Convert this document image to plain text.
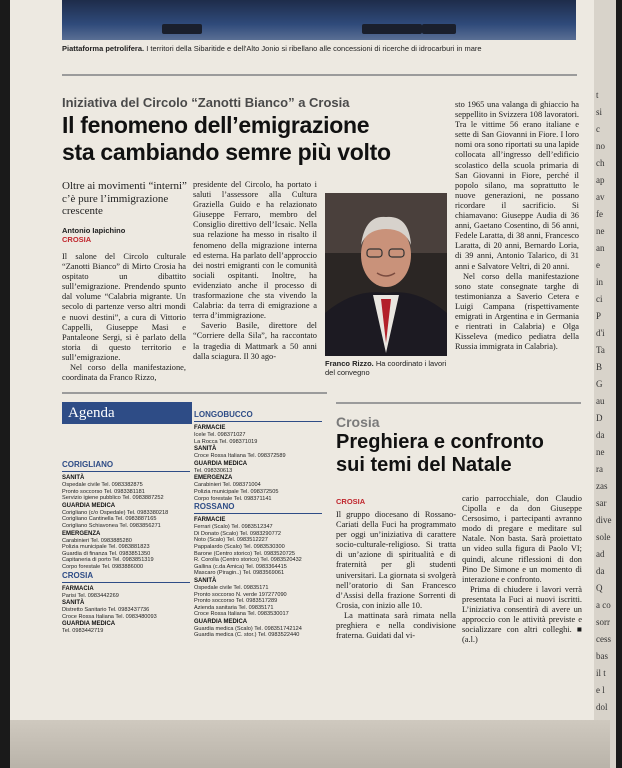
t
si
c
no
ch
ap
av
fe
ne
an
e
in
ci
P
d'i
Ta
B
G
au
D
da
ne
ra
zas
sar
dive
sole
ad
da
Q
a co
sorr
cess
bas
il t
e l
dol
Piattaforma petrolifera. I territori della Sibaritide e dell'Alto Jonio si ribellano alle concessioni di ricerche di idrocarburi in mare
Iniziativa del Circolo “Zanotti Bianco” a Crosia
Il fenomeno dell’emigrazione
sta cambiando semre più volto
Oltre ai movimenti “interni” c’è pure l’immigrazione crescente
Antonio Iapichino
CROSIA

Il salone del Circolo culturale “Zanotti Bianco” di Mirto Crosia ha ospitato un dibattito sull’emigrazione. Prendendo spunto dal volume “Calabria migrante. Un secolo di partenze verso altri mondi e nuovi destini”, a cura di Vittorio Cappelli, Giuseppe Masi e Pantaleone Sergi, si è parlato della storia di questo territorio e sull’emigrazione.

Nel corso della manifestazione, coordinata da Franco Rizzo,

presidente del Circolo, ha portato i saluti l’assessore alla Cultura Graziella Guido e ha relazionato Giuseppe Ferraro, membro del Consiglio direttivo dell’Icsaic. Nella sua relazione ha messo in risalto il fenomeno della migrazione interna ed esterna. Ha parlato dell’approccio dei nostri emigranti con le comunità sociali ospitanti. Inoltre, ha evidenziato anche il processo di trasformazione che sta vivendo la Calabria: da terra di emigrazione a terra d’immigrazione.

Saverio Basile, direttore del “Corriere della Sila”, ha raccontato la tragedia di Mattmark a 50 anni dalla sciagura. Il 30 ago-

sto 1965 una valanga di ghiaccio ha seppellito in Svizzera 108 lavoratori. Tra le vittime 56 erano italiane e sette di San Giovanni in Fiore. I loro nomi ora sono riportati su una lapide collocata all’ingresso dell’edificio scolastico della scuola primaria di San Giovanni in Fiore, perché il popolo silano, ma soprattutto le nuove generazioni, ne possano ricordare il sacrificio. Si chiamavano: Giuseppe Audia di 36 anni, Gaetano Cosentino, di 56 anni, Fedele Laratta, di 38 anni, Francesco Laratta, di 20 anni, Bernardo Loria, di 39 anni, Antonio Talarico, di 31 anni e Salvatore Veltri, di 20 anni.

Nel corso della manifestazione sono state consegnate targhe di testimonianza a Saverio Cetera e Luigi Campana (rispettivamente emigrati in Argentina e in Germania e rientrati in Calabria) e Olga Kisseleva (medico pediatra della Russia immigrata in Calabria).

Franco Rizzo. Ha coordinato i lavori del convegno
Agenda
CORIGLIANO
SANITÀ
Ospedale civile Tel. 0983382875
Pronto soccorso Tel. 0983381181
Servizio igiene pubblico Tel. 0983887252
GUARDIA MEDICA
Corigliano (c/o Ospedale) Tel. 0983380218
Corigliano Cantinella Tel. 0983887165
Corigliano Schiavonea Tel. 0983856271
EMERGENZA
Carabinieri Tel. 0983885280
Polizia municipale Tel. 0983881823
Guardia di finanza Tel. 0983851350
Capitaneria di porto Tel. 0983851319
Corpo forestale Tel. 0983886000
CROSIA
FARMACIA
Parisi Tel. 0983442269
SANITÀ
Distretto Sanitario Tel. 0983437736
Croce Rossa Italiana Tel. 0983480093
GUARDIA MEDICA
Tel. 0983442719
LONGOBUCCO
FARMACIE
Icele Tel. 098371027
La Rocca Tel. 098371019
SANITÀ
Croce Rossa Italiana Tel. 098372589
GUARDIA MEDICA
Tel. 098330613
EMERGENZA
Carabinieri Tel. 098371004
Polizia municipale Tel. 098372505
Corpo forestale Tel. 098371141
ROSSANO
FARMACIE
Ferrari (Scalo) Tel. 0983512347
Di Donato (Scalo) Tel. 0983290772
Noto (Scalo) Tel. 0983512227
Pappalardo (Scalo) Tel. 0983530300
Barone (Centro storico) Tel. 0983520725
R. Corolla (Centro storico) Tel. 0983520432
Gallina (c.da Amica) Tel. 0983364415
Mascaro (Piragin..) Tel. 0983569061
SANITÀ
Ospedale civile Tel. 09835171
Pronto soccorso N. verde 197277090
Pronto soccorso Tel. 0983517289
Azienda sanitaria Tel. 09835171
Croce Rossa Italiana Tel. 0983530017
GUARDIA MEDICA
Guardia medica (Scalo) Tel. 098351742124
Guardia medica (C. stor.) Tel. 0983522440
Crosia
Preghiera e confronto
sui temi del Natale
CROSIA

Il gruppo diocesano di Rossano-Cariati della Fuci ha programmato per oggi un’iniziativa di carattere socio-culturale-religioso. Si tratta di un’azione di spiritualità e di fraternità per gli studenti universitari. La giornata si svolgerà nell’oratorio di San Francesco d’Assisi della frazione Sorrenti di Crosia, con inizio alle 10.

La mattinata sarà rimata nella preghiera e nella condivisione fraterna. Guidati dal vi-

cario parrocchiale, don Claudio Cipolla e da don Giuseppe Cersosimo, i partecipanti avranno modo di pregare e meditare sul Natale. Non basta. Sarà proiettato un video sulla figura di Paolo VI; quindi, alcune riflessioni di don Pino De Simone e un momento di interazione e confronto.

Prima di chiudere i lavori verrà presentata la Fuci ai nuovi iscritti. L’iniziativa consentirà di avere un approccio con le attività previste e socializzare con altri colleghi. ■ (a.l.)
